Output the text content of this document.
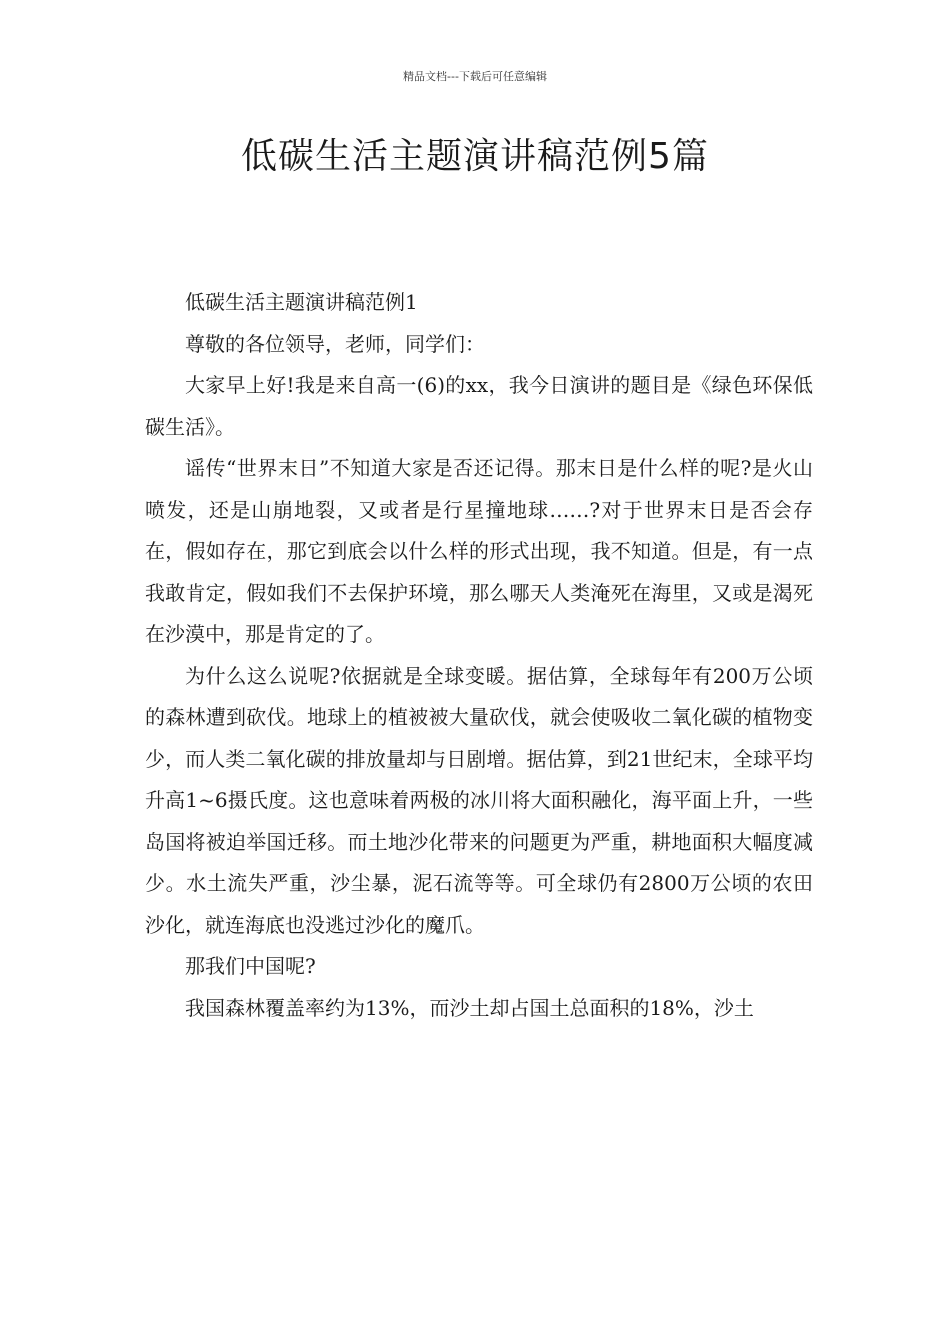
精品文档---下载后可任意编辑
低碳生活主题演讲稿范例5篇

低碳生活主题演讲稿范例1

尊敬的各位领导，老师，同学们：

大家早上好!我是来自高一(6)的xx，我今日演讲的题目是《绿色环保低碳生活》。

谣传“世界末日”不知道大家是否还记得。那末日是什么样的呢?是火山喷发，还是山崩地裂，又或者是行星撞地球……?对于世界末日是否会存在，假如存在，那它到底会以什么样的形式出现，我不知道。但是，有一点我敢肯定，假如我们不去保护环境，那么哪天人类淹死在海里，又或是渴死在沙漠中，那是肯定的了。

为什么这么说呢?依据就是全球变暖。据估算，全球每年有200万公顷的森林遭到砍伐。地球上的植被被大量砍伐，就会使吸收二氧化碳的植物变少，而人类二氧化碳的排放量却与日剧增。据估算，到21世纪末，全球平均升高1~6摄氏度。这也意味着两极的冰川将大面积融化，海平面上升，一些岛国将被迫举国迁移。而土地沙化带来的问题更为严重，耕地面积大幅度减少。水土流失严重，沙尘暴，泥石流等等。可全球仍有2800万公顷的农田沙化，就连海底也没逃过沙化的魔爪。

那我们中国呢?

我国森林覆盖率约为13%，而沙土却占国土总面积的18%，沙土
